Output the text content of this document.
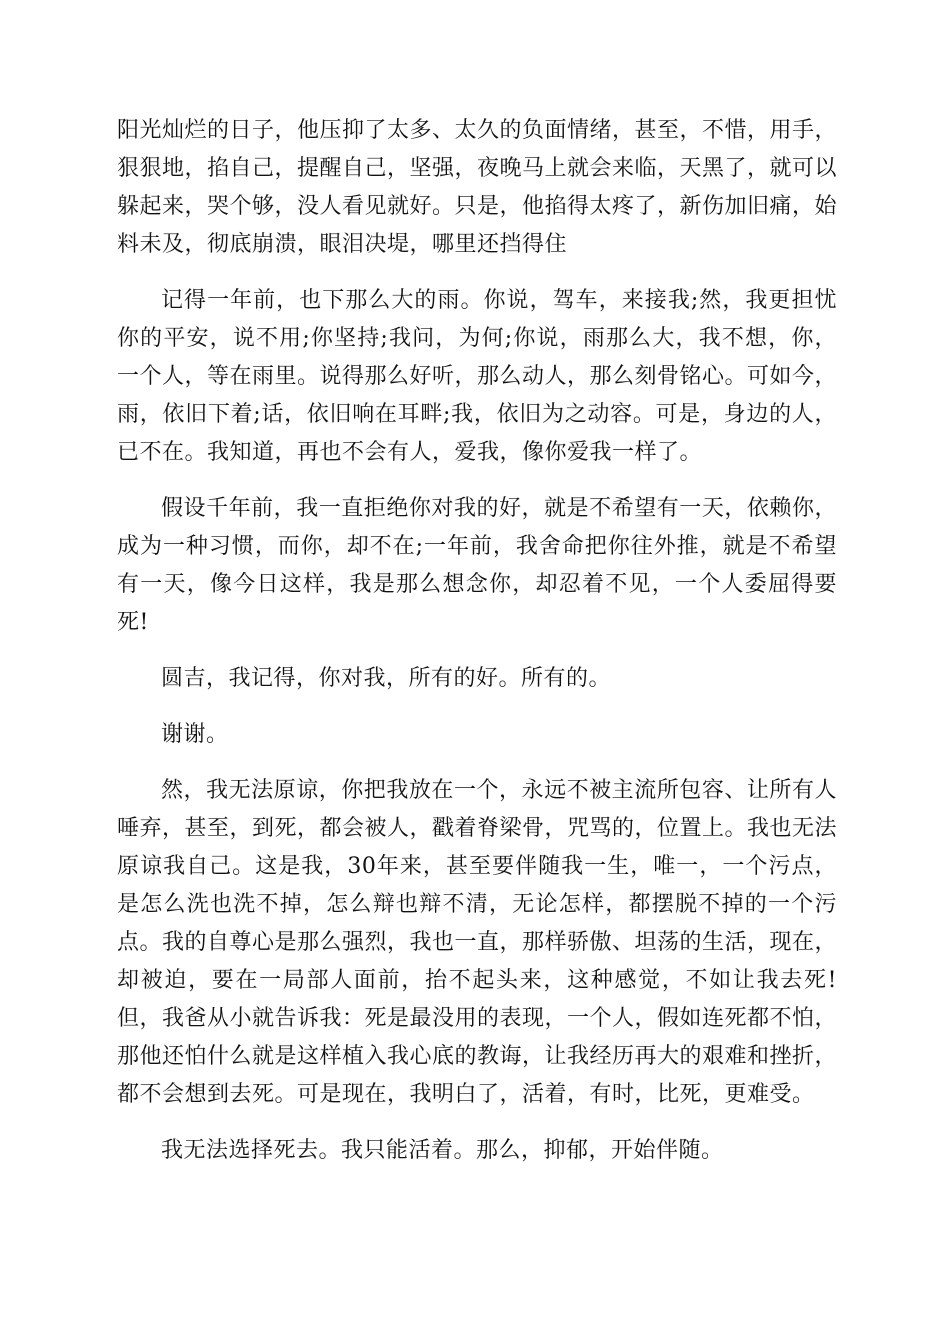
阳光灿烂的日子，他压抑了太多、太久的负面情绪，甚至，不惜，用手，狠狠地，掐自己，提醒自己，坚强，夜晚马上就会来临，天黑了，就可以躲起来，哭个够，没人看见就好。只是，他掐得太疼了，新伤加旧痛，始料未及，彻底崩溃，眼泪决堤，哪里还挡得住

记得一年前，也下那么大的雨。你说，驾车，来接我;然，我更担忧你的平安，说不用;你坚持;我问，为何;你说，雨那么大，我不想，你，一个人，等在雨里。说得那么好听，那么动人，那么刻骨铭心。可如今，雨，依旧下着;话，依旧响在耳畔;我，依旧为之动容。可是，身边的人，已不在。我知道，再也不会有人，爱我，像你爱我一样了。

假设千年前，我一直拒绝你对我的好，就是不希望有一天，依赖你，成为一种习惯，而你，却不在;一年前，我舍命把你往外推，就是不希望有一天，像今日这样，我是那么想念你，却忍着不见，一个人委屈得要死!

圆吉，我记得，你对我，所有的好。所有的。

谢谢。

然，我无法原谅，你把我放在一个，永远不被主流所包容、让所有人唾弃，甚至，到死，都会被人，戳着脊梁骨，咒骂的，位置上。我也无法原谅我自己。这是我，30年来，甚至要伴随我一生，唯一，一个污点，是怎么洗也洗不掉，怎么辩也辩不清，无论怎样，都摆脱不掉的一个污点。我的自尊心是那么强烈，我也一直，那样骄傲、坦荡的生活，现在，却被迫，要在一局部人面前，抬不起头来，这种感觉，不如让我去死!但，我爸从小就告诉我：死是最没用的表现，一个人，假如连死都不怕，那他还怕什么就是这样植入我心底的教诲，让我经历再大的艰难和挫折，都不会想到去死。可是现在，我明白了，活着，有时，比死，更难受。

我无法选择死去。我只能活着。那么，抑郁，开始伴随。
